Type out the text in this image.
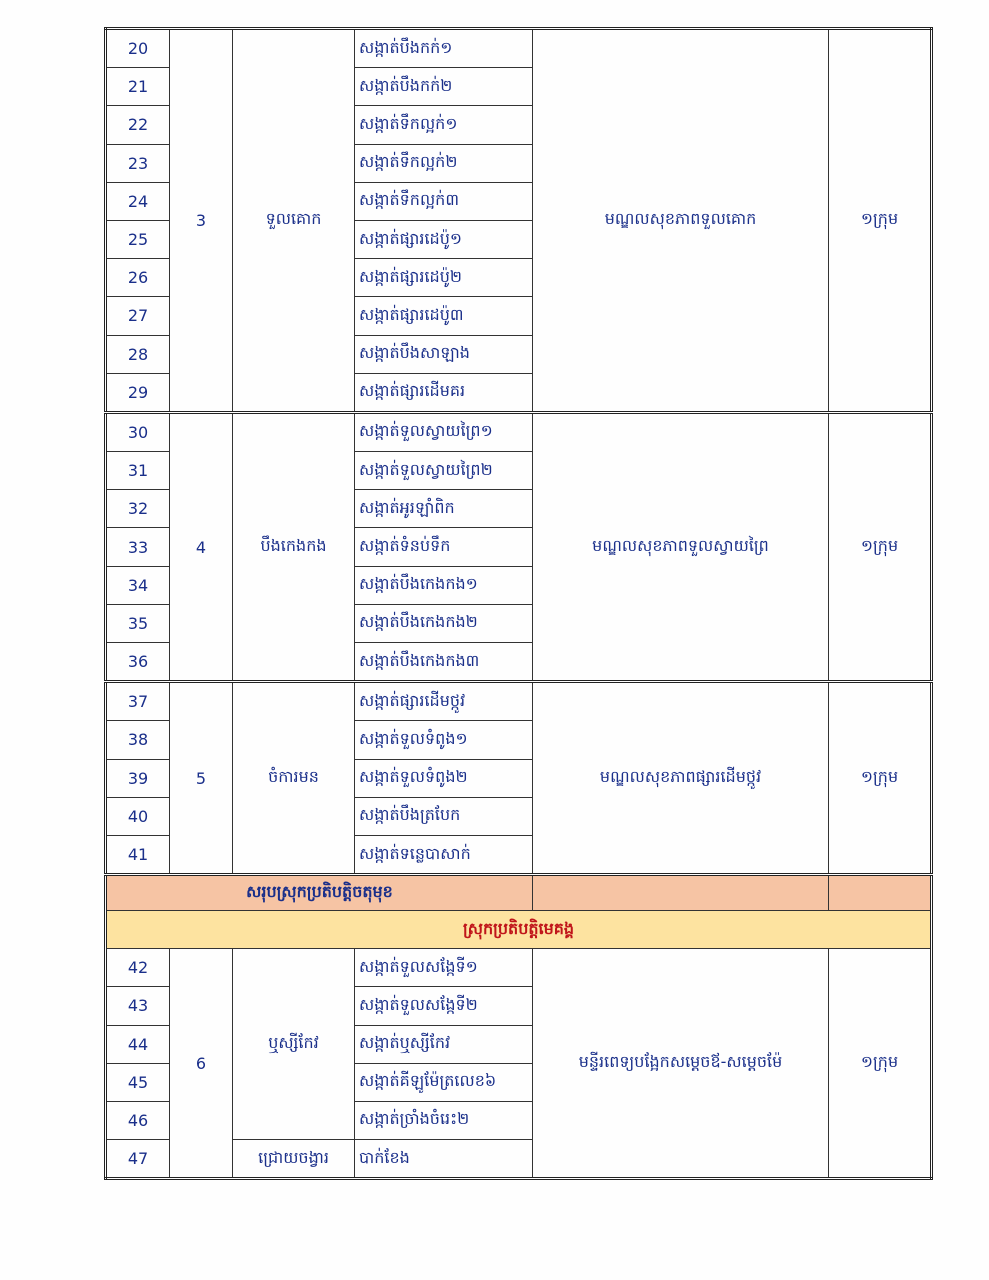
20	3	ទួលគោក	សង្កាត់បឹងកក់១	មណ្ឌលសុខភាពទួលគោក	១ក្រុម
21			សង្កាត់បឹងកក់២		
22			សង្កាត់ទឹកល្អក់១		
23			សង្កាត់ទឹកល្អក់២		
24			សង្កាត់ទឹកល្អក់៣		
25			សង្កាត់ផ្សារដេប៉ូ១		
26			សង្កាត់ផ្សារដេប៉ូ២		
27			សង្កាត់ផ្សារដេប៉ូ៣		
28			សង្កាត់បឹងសាឡាង		
29			សង្កាត់ផ្សារដើមគរ		
30	4	បឹងកេងកង	សង្កាត់ទួលស្វាយព្រៃ១	មណ្ឌលសុខភាពទួលស្វាយព្រៃ	១ក្រុម
31			សង្កាត់ទួលស្វាយព្រៃ២		
32			សង្កាត់អូរឡាំពិក		
33			សង្កាត់ទំនប់ទឹក		
34			សង្កាត់បឹងកេងកង១		
35			សង្កាត់បឹងកេងកង២		
36			សង្កាត់បឹងកេងកង៣		
37	5	ចំការមន	សង្កាត់ផ្សារដើមថ្កូវ	មណ្ឌលសុខភាពផ្សារដើមថ្កូវ	១ក្រុម
38			សង្កាត់ទួលទំពូង១		
39			សង្កាត់ទួលទំពូង២		
40			សង្កាត់បឹងត្របែក		
41			សង្កាត់ទន្លេបាសាក់		
សរុបស្រុកប្រតិបត្តិចតុមុខ					
ស្រុកប្រតិបត្តិមេគង្គ					
42	6	ឬស្សីកែវ	សង្កាត់ទួលសង្កែទី១	មន្ទីរពេទ្យបង្អែកសម្តេចឪ-សម្តេចម៉ែ	១ក្រុម
43			សង្កាត់ទួលសង្កែទី២		
44			សង្កាត់ឬស្សីកែវ		
45			សង្កាត់គីឡូម៉ែត្រលេខ៦		
46			សង្កាត់ច្រាំងចំរេះ២		
47		ជ្រោយចង្វារ	បាក់ខែង		
